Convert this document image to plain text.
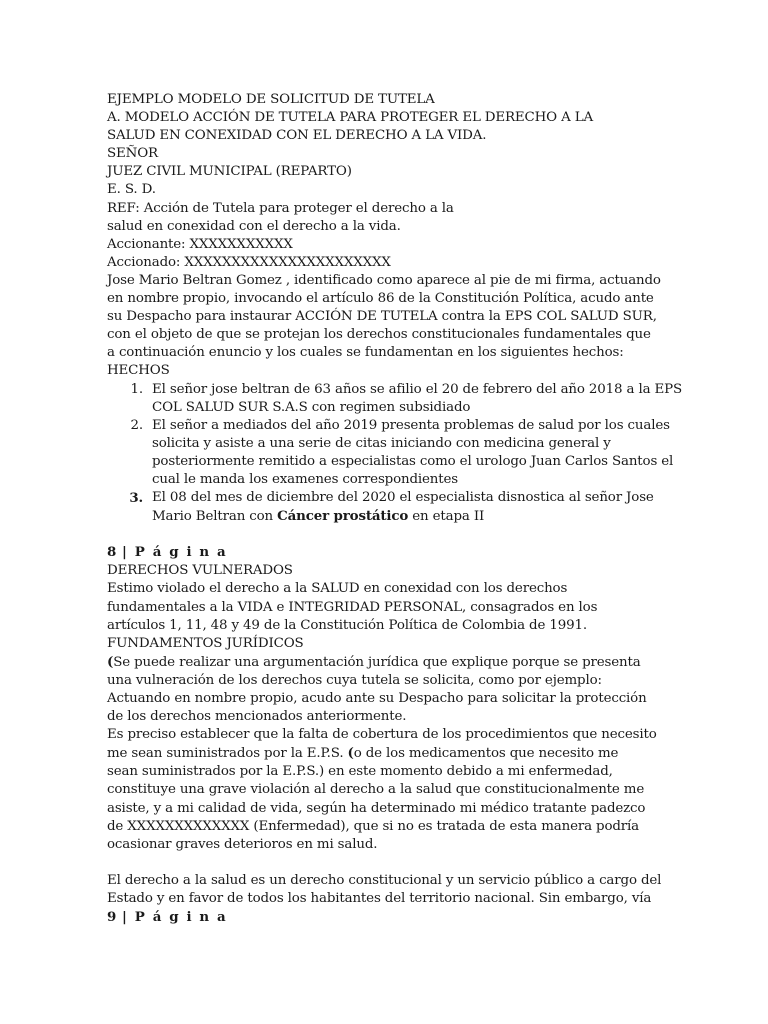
EJEMPLO MODELO DE SOLICITUD DE TUTELA
A. MODELO ACCIÓN DE TUTELA PARA PROTEGER EL DERECHO A LA
SALUD EN CONEXIDAD CON EL DERECHO A LA VIDA.
SEÑOR
JUEZ CIVIL MUNICIPAL (REPARTO)
E. S. D.
REF: Acción de Tutela para proteger el derecho a la
salud en conexidad con el derecho a la vida.
Accionante: XXXXXXXXXXX
Accionado: XXXXXXXXXXXXXXXXXXXXXX
Jose Mario Beltran Gomez , identificado como aparece al pie de mi firma, actuando
en nombre propio, invocando el artículo 86 de la Constitución Política, acudo ante
su Despacho para instaurar ACCIÓN DE TUTELA contra la EPS COL SALUD SUR,
con el objeto de que se protejan los derechos constitucionales fundamentales que
a continuación enuncio y los cuales se fundamentan en los siguientes hechos:
HECHOS
1. El señor jose beltran de 63 años se afilio el 20 de febrero del año 2018 a la EPS
COL SALUD SUR S.A.S con regimen subsidiado
2. El señor a mediados del año 2019 presenta problemas de salud por los cuales
solicita y asiste a una serie de citas iniciando con medicina general y
posteriormente remitido a especialistas como el urologo Juan Carlos Santos el
cual le manda los examenes correspondientes
3. El 08 del mes de diciembre del 2020 el especialista disnostica al señor Jose
Mario Beltran con Cáncer prostático en etapa II
8 | P á g i n a
DERECHOS VULNERADOS
Estimo violado el derecho a la SALUD en conexidad con los derechos
fundamentales a la VIDA e INTEGRIDAD PERSONAL, consagrados en los
artículos 1, 11, 48 y 49 de la Constitución Política de Colombia de 1991.
FUNDAMENTOS JURÍDICOS
(Se puede realizar una argumentación jurídica que explique porque se presenta
una vulneración de los derechos cuya tutela se solicita, como por ejemplo:
Actuando en nombre propio, acudo ante su Despacho para solicitar la protección
de los derechos mencionados anteriormente.
Es preciso establecer que la falta de cobertura de los procedimientos que necesito
me sean suministrados por la E.P.S. (o de los medicamentos que necesito me
sean suministrados por la E.P.S.) en este momento debido a mi enfermedad,
constituye una grave violación al derecho a la salud que constitucionalmente me
asiste, y a mi calidad de vida, según ha determinado mi médico tratante padezco
de XXXXXXXXXXXXX (Enfermedad), que si no es tratada de esta manera podría
ocasionar graves deterioros en mi salud.
El derecho a la salud es un derecho constitucional y un servicio público a cargo del
Estado y en favor de todos los habitantes del territorio nacional. Sin embargo, vía
9 | P á g i n a
